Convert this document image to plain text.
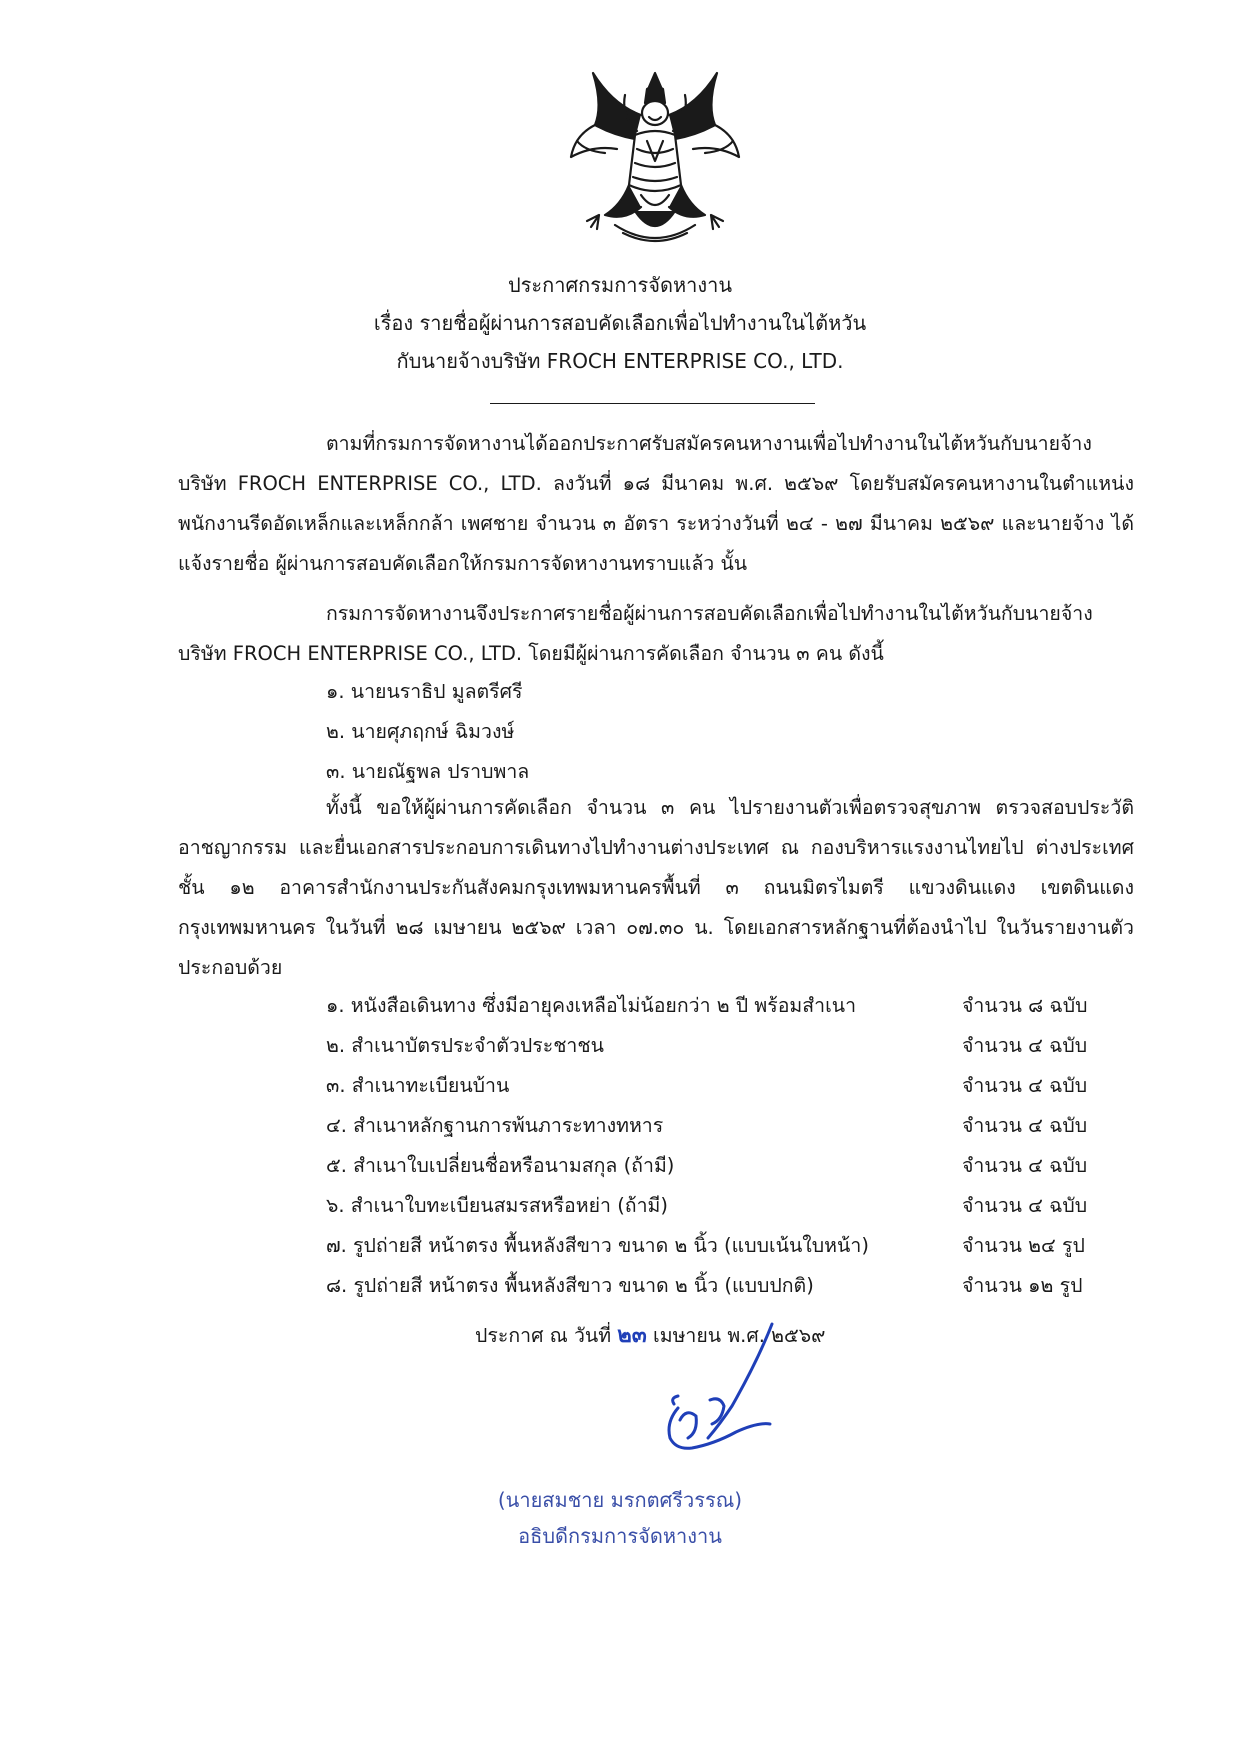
ประกาศกรมการจัดหางาน
เรื่อง รายชื่อผู้ผ่านการสอบคัดเลือกเพื่อไปทำงานในไต้หวัน
กับนายจ้างบริษัท FROCH ENTERPRISE CO., LTD.

ตามที่กรมการจัดหางานได้ออกประกาศรับสมัครคนหางานเพื่อไปทำงานในไต้หวันกับนายจ้าง บริษัท FROCH ENTERPRISE CO., LTD. ลงวันที่ ๑๘ มีนาคม พ.ศ. ๒๕๖๙ โดยรับสมัครคนหางานในตำแหน่ง พนักงานรีดอัดเหล็กและเหล็กกล้า เพศชาย จำนวน ๓ อัตรา ระหว่างวันที่ ๒๔ - ๒๗ มีนาคม ๒๕๖๙ และนายจ้าง ได้แจ้งรายชื่อ ผู้ผ่านการสอบคัดเลือกให้กรมการจัดหางานทราบแล้ว นั้น

กรมการจัดหางานจึงประกาศรายชื่อผู้ผ่านการสอบคัดเลือกเพื่อไปทำงานในไต้หวันกับนายจ้าง บริษัท FROCH ENTERPRISE CO., LTD. โดยมีผู้ผ่านการคัดเลือก จำนวน ๓ คน ดังนี้

๑. นายนราธิป มูลตรีศรี
๒. นายศุภฤกษ์ ฉิมวงษ์
๓. นายณัฐพล ปราบพาล

ทั้งนี้ ขอให้ผู้ผ่านการคัดเลือก จำนวน ๓ คน ไปรายงานตัวเพื่อตรวจสุขภาพ ตรวจสอบประวัติ อาชญากรรม และยื่นเอกสารประกอบการเดินทางไปทำงานต่างประเทศ ณ กองบริหารแรงงานไทยไป ต่างประเทศ ชั้น ๑๒ อาคารสำนักงานประกันสังคมกรุงเทพมหานครพื้นที่ ๓ ถนนมิตรไมตรี แขวงดินแดง เขตดินแดง กรุงเทพมหานคร ในวันที่ ๒๘ เมษายน ๒๕๖๙ เวลา ๐๗.๓๐ น. โดยเอกสารหลักฐานที่ต้องนำไป ในวันรายงานตัว ประกอบด้วย

๑. หนังสือเดินทาง ซึ่งมีอายุคงเหลือไม่น้อยกว่า ๒ ปี พร้อมสำเนา	จำนวน ๘ ฉบับ
๒. สำเนาบัตรประจำตัวประชาชน	จำนวน ๔ ฉบับ
๓. สำเนาทะเบียนบ้าน	จำนวน ๔ ฉบับ
๔. สำเนาหลักฐานการพ้นภาระทางทหาร	จำนวน ๔ ฉบับ
๕. สำเนาใบเปลี่ยนชื่อหรือนามสกุล (ถ้ามี)	จำนวน ๔ ฉบับ
๖. สำเนาใบทะเบียนสมรสหรือหย่า (ถ้ามี)	จำนวน ๔ ฉบับ
๗. รูปถ่ายสี หน้าตรง พื้นหลังสีขาว ขนาด ๒ นิ้ว (แบบเน้นใบหน้า)	จำนวน ๒๔ รูป
๘. รูปถ่ายสี หน้าตรง พื้นหลังสีขาว ขนาด ๒ นิ้ว (แบบปกติ)	จำนวน ๑๒ รูป
ประกาศ ณ วันที่ ๒๓ เมษายน พ.ศ. ๒๕๖๙
(นายสมชาย มรกตศรีวรรณ)
อธิบดีกรมการจัดหางาน
